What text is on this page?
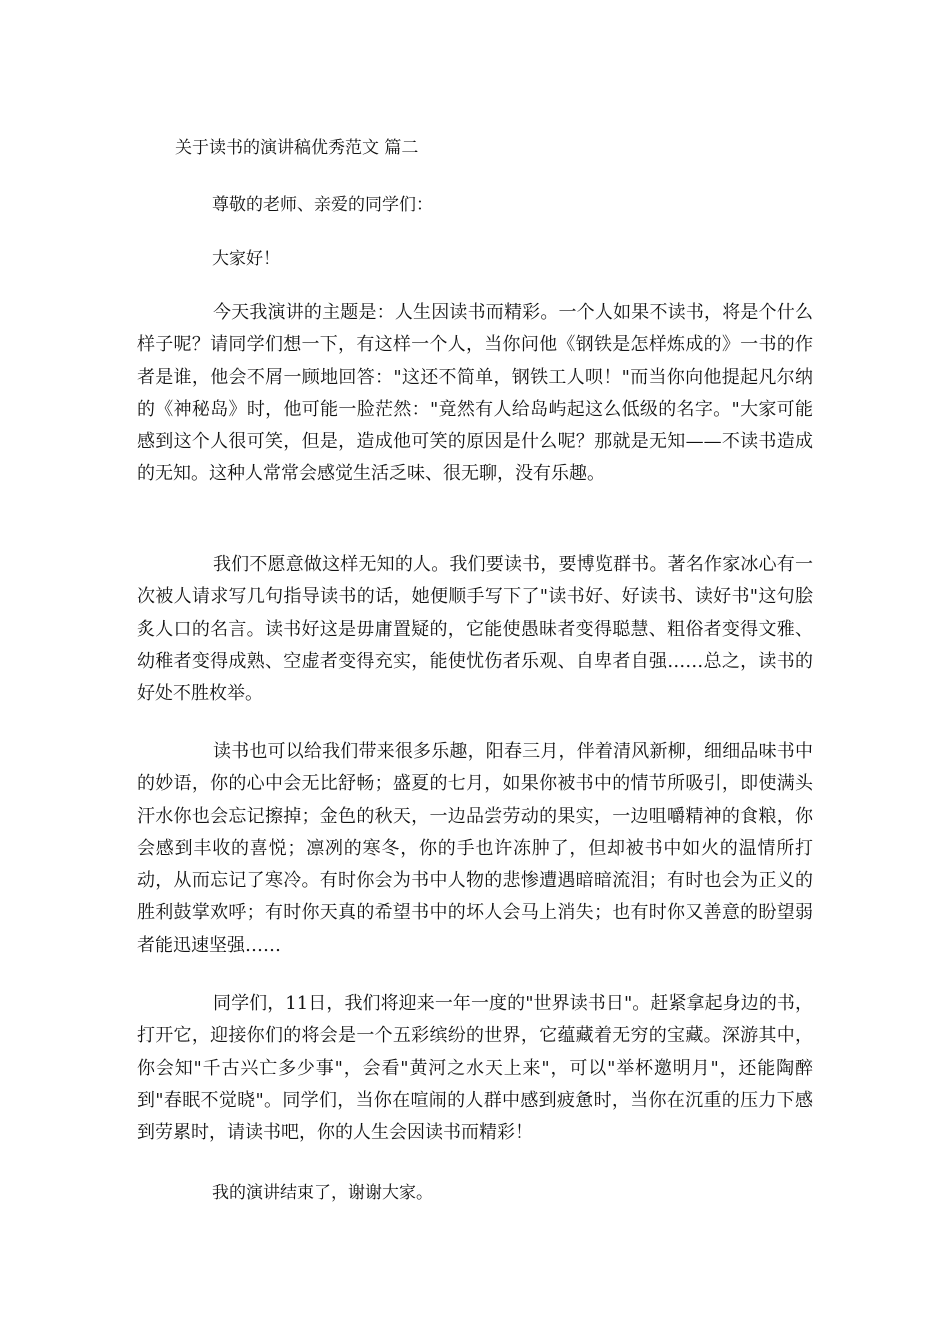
关于读书的演讲稿优秀范文 篇二
尊敬的老师、亲爱的同学们：
大家好！

今天我演讲的主题是：人生因读书而精彩。一个人如果不读书，将是个什么样子呢？请同学们想一下，有这样一个人，当你问他《钢铁是怎样炼成的》一书的作者是谁，他会不屑一顾地回答："这还不简单，钢铁工人呗！"而当你向他提起凡尔纳的《神秘岛》时，他可能一脸茫然："竟然有人给岛屿起这么低级的名字。"大家可能感到这个人很可笑，但是，造成他可笑的原因是什么呢？那就是无知——不读书造成的无知。这种人常常会感觉生活乏味、很无聊，没有乐趣。

我们不愿意做这样无知的人。我们要读书，要博览群书。著名作家冰心有一次被人请求写几句指导读书的话，她便顺手写下了"读书好、好读书、读好书"这句脍炙人口的名言。读书好这是毋庸置疑的，它能使愚昧者变得聪慧、粗俗者变得文雅、幼稚者变得成熟、空虚者变得充实，能使忧伤者乐观、自卑者自强……总之，读书的好处不胜枚举。

读书也可以给我们带来很多乐趣，阳春三月，伴着清风新柳，细细品味书中的妙语，你的心中会无比舒畅；盛夏的七月，如果你被书中的情节所吸引，即使满头汗水你也会忘记擦掉；金色的秋天，一边品尝劳动的果实，一边咀嚼精神的食粮，你会感到丰收的喜悦；凛冽的寒冬，你的手也许冻肿了，但却被书中如火的温情所打动，从而忘记了寒冷。有时你会为书中人物的悲惨遭遇暗暗流泪；有时也会为正义的胜利鼓掌欢呼；有时你天真的希望书中的坏人会马上消失；也有时你又善意的盼望弱者能迅速坚强……

同学们，11日，我们将迎来一年一度的"世界读书日"。赶紧拿起身边的书，打开它，迎接你们的将会是一个五彩缤纷的世界，它蕴藏着无穷的宝藏。深游其中，你会知"千古兴亡多少事"，会看"黄河之水天上来"，可以"举杯邀明月"，还能陶醉到"春眠不觉晓"。同学们，当你在喧闹的人群中感到疲惫时，当你在沉重的压力下感到劳累时，请读书吧，你的人生会因读书而精彩！

我的演讲结束了，谢谢大家。
